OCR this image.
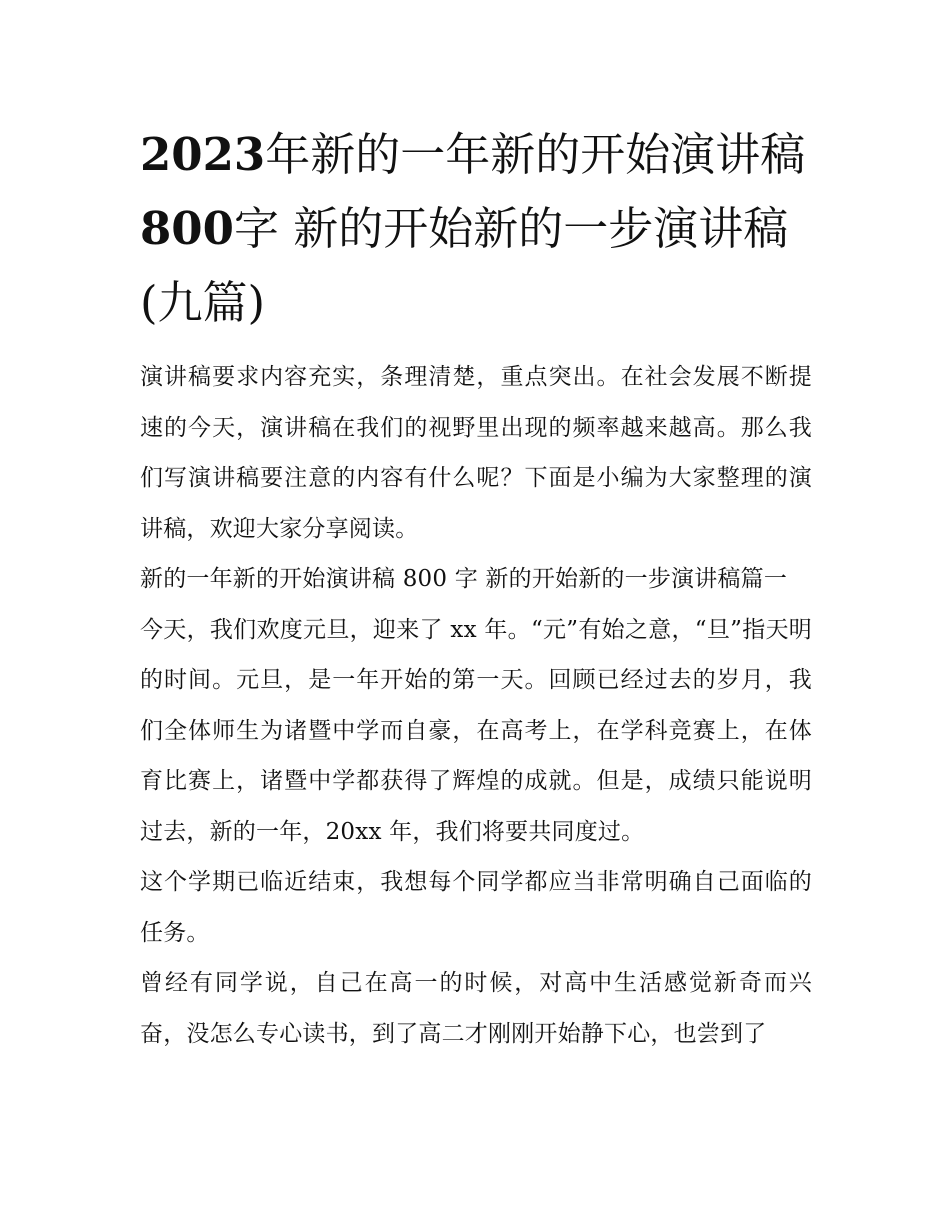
2023年新的一年新的开始演讲稿800字 新的开始新的一步演讲稿(九篇)

演讲稿要求内容充实，条理清楚，重点突出。在社会发展不断提速的今天，演讲稿在我们的视野里出现的频率越来越高。那么我们写演讲稿要注意的内容有什么呢？下面是小编为大家整理的演讲稿，欢迎大家分享阅读。

新的一年新的开始演讲稿 800 字 新的开始新的一步演讲稿篇一

今天，我们欢度元旦，迎来了 xx 年。“元”有始之意，“旦”指天明的时间。元旦，是一年开始的第一天。回顾已经过去的岁月，我们全体师生为诸暨中学而自豪，在高考上，在学科竞赛上，在体育比赛上，诸暨中学都获得了辉煌的成就。但是，成绩只能说明过去，新的一年，20xx 年，我们将要共同度过。

这个学期已临近结束，我想每个同学都应当非常明确自己面临的任务。

曾经有同学说，自己在高一的时候，对高中生活感觉新奇而兴奋，没怎么专心读书，到了高二才刚刚开始静下心，也尝到了
